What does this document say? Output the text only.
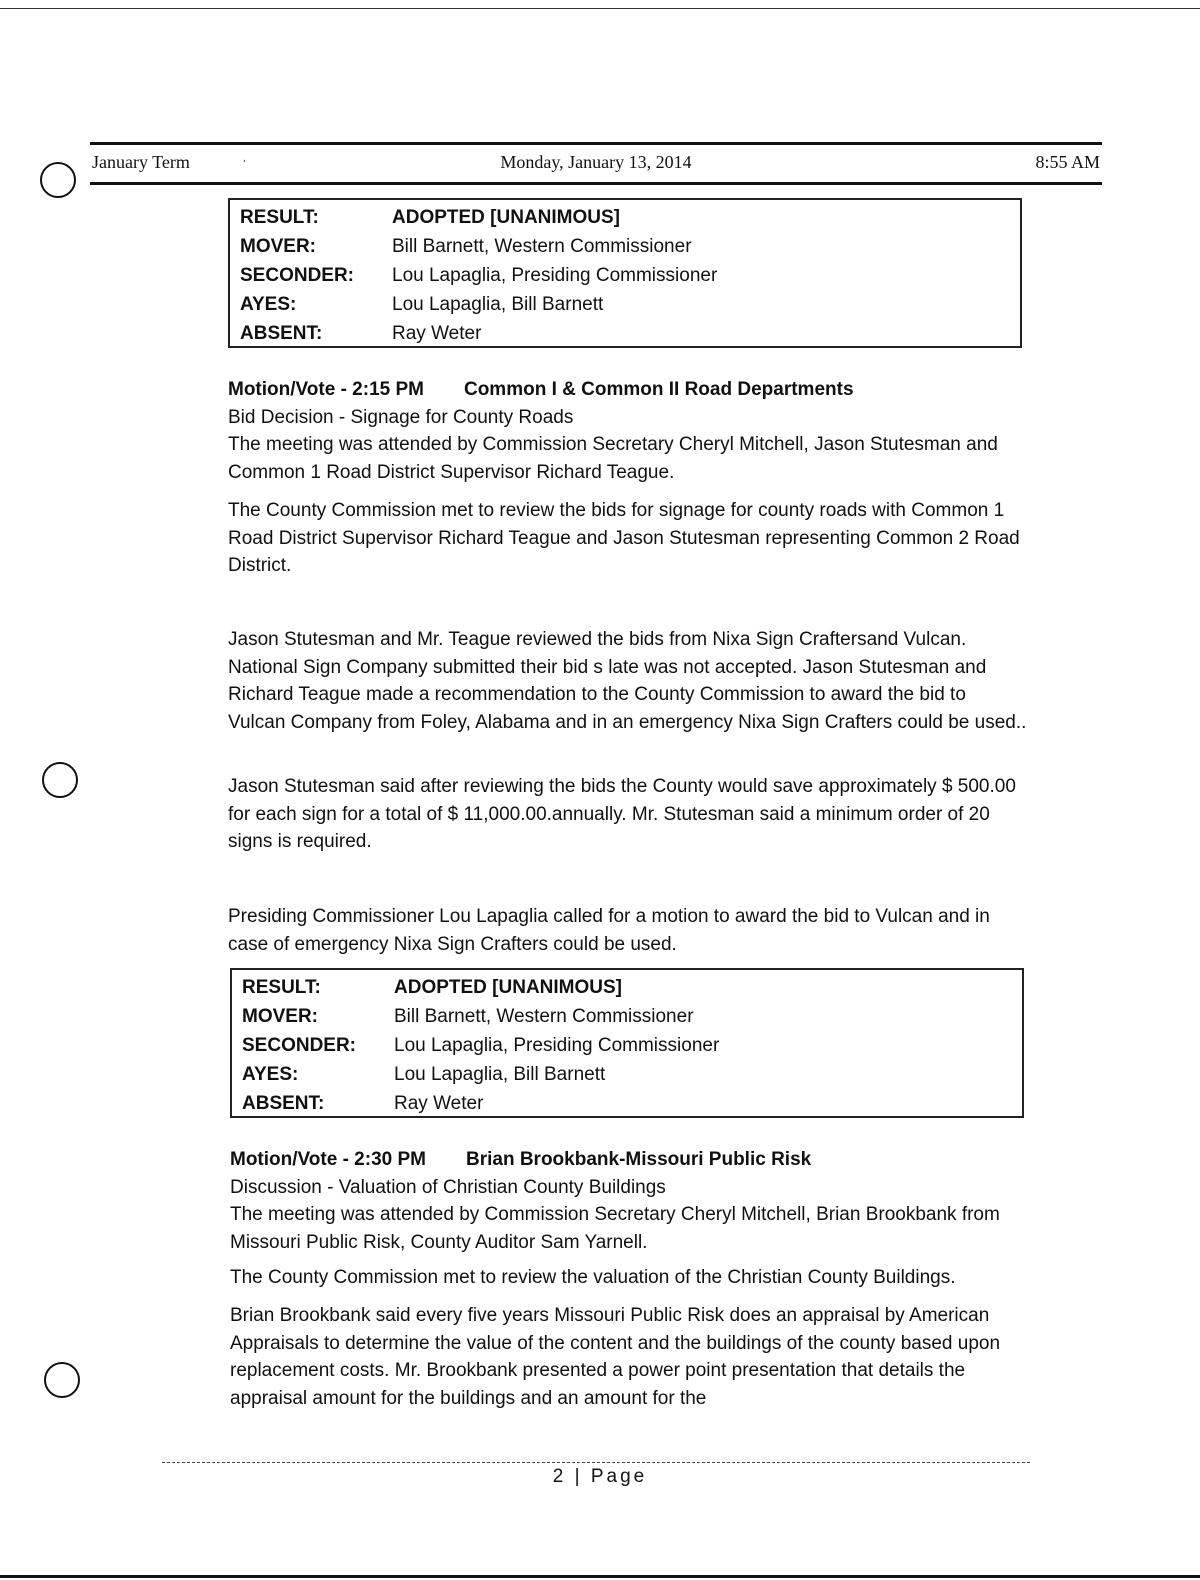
January Term	ˌ	Monday, January 13, 2014	8:55 AM
RESULT:	ADOPTED [UNANIMOUS]
MOVER:	Bill Barnett, Western Commissioner
SECONDER: Lou Lapaglia, Presiding Commissioner
AYES:	Lou Lapaglia, Bill Barnett
ABSENT:	Ray Weter

Motion/Vote - 2:15 PM Common I & Common II Road Departments

Bid Decision - Signage for County Roads

The meeting was attended by Commission Secretary Cheryl Mitchell, Jason Stutesman and Common 1 Road District Supervisor Richard Teague.

The County Commission met to review the bids for signage for county roads with Common 1 Road District Supervisor Richard Teague and Jason Stutesman representing Common 2 Road District.
Jason Stutesman and Mr. Teague reviewed the bids from Nixa Sign Craftersand Vulcan. National Sign Company submitted their bid s late was not accepted. Jason Stutesman and Richard Teague made a recommendation to the County Commission to award the bid to Vulcan Company from Foley, Alabama and in an emergency Nixa Sign Crafters could be used..
Jason Stutesman said after reviewing the bids the County would save approximately $ 500.00 for each sign for a total of $ 11,000.00.annually. Mr. Stutesman said a minimum order of 20 signs is required.
Presiding Commissioner Lou Lapaglia called for a motion to award the bid to Vulcan and in case of emergency Nixa Sign Crafters could be used.
RESULT:	ADOPTED [UNANIMOUS]
MOVER:	Bill Barnett, Western Commissioner
SECONDER: Lou Lapaglia, Presiding Commissioner
AYES:	Lou Lapaglia, Bill Barnett
ABSENT:	Ray Weter

Motion/Vote - 2:30 PM Brian Brookbank-Missouri Public Risk

Discussion - Valuation of Christian County Buildings

The meeting was attended by Commission Secretary Cheryl Mitchell, Brian Brookbank from Missouri Public Risk, County Auditor Sam Yarnell.

The County Commission met to review the valuation of the Christian County Buildings.
Brian Brookbank said every five years Missouri Public Risk does an appraisal by American Appraisals to determine the value of the content and the buildings of the county based upon replacement costs. Mr. Brookbank presented a power point presentation that details the appraisal amount for the buildings and an amount for the
2 | Page
